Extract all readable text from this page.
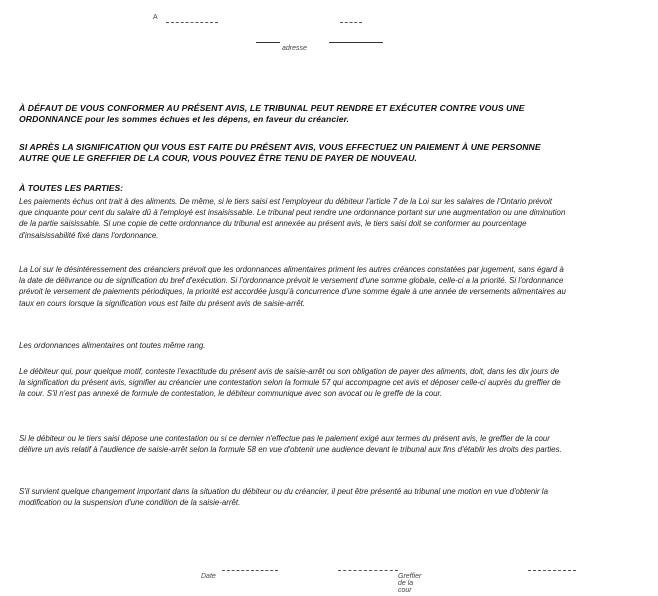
A
adresse
À DÉFAUT DE VOUS CONFORMER AU PRÉSENT AVIS, LE TRIBUNAL PEUT RENDRE ET EXÉCUTER CONTRE VOUS UNE ORDONNANCE pour les sommes échues et les dépens, en faveur du créancier.
SI APRÈS LA SIGNIFICATION QUI VOUS EST FAITE DU PRÉSENT AVIS, VOUS EFFECTUEZ UN PAIEMENT À UNE PERSONNE AUTRE QUE LE GREFFIER DE LA COUR, VOUS POUVEZ ÊTRE TENU DE PAYER DE NOUVEAU.
À TOUTES LES PARTIES:
Les paiements échus ont trait à des aliments. De même, si le tiers saisi est l'employeur du débiteur l'article 7 de la Loi sur les salaires de l'Ontario prévoit que cinquante pour cent du salaire dû à l'employé est insaisissable. Le tribunal peut rendre une ordonnance portant sur une augmentation ou une diminution de la partie saisissable. Si une copie de cette ordonnance du tribunal est annexée au présent avis, le tiers saisi doit se conformer au pourcentage d'insaisissabilité fixé dans l'ordonnance.
La Loi sur le désintéressement des créanciers prévoit que les ordonnances alimentaires priment les autres créances constatées par jugement, sans égard à la date de délivrance ou de signification du bref d'exécution. Si l'ordonnance prévoit le versement d'une somme globale, celle-ci a la priorité. Si l'ordonnance prévoit le versement de paiements périodiques, la priorité est accordée jusqu'à concurrence d'une somme égale à une année de versements alimentaires au taux en cours lorsque la signification vous est faite du présent avis de saisie-arrêt.
Les ordonnances alimentaires ont toutes même rang.
Le débiteur qui, pour quelque motif, conteste l'exactitude du présent avis de saisie-arrêt ou son obligation de payer des aliments, doit, dans les dix jours de la signification du présent avis, signifier au créancier une contestation selon la formule 57 qui accompagne cet avis et déposer celle-ci auprès du greffier de la cour. S'il n'est pas annexé de formule de contestation, le débiteur communique avec son avocat ou le greffe de la cour.
Si le débiteur ou le tiers saisi dépose une contestation ou si ce dernier n'effectue pas le paiement exigé aux termes du présent avis, le greffier de la cour délivre un avis relatif à l'audience de saisie-arrêt selon la formule 58 en vue d'obtenir une audience devant le tribunal aux fins d'établir les droits des parties.
S'il survient quelque changement important dans la situation du débiteur ou du créancier, il peut être présenté au tribunal une motion en vue d'obtenir la modification ou la suspension d'une condition de la saisie-arrêt.
Date	Greffier de la cour
